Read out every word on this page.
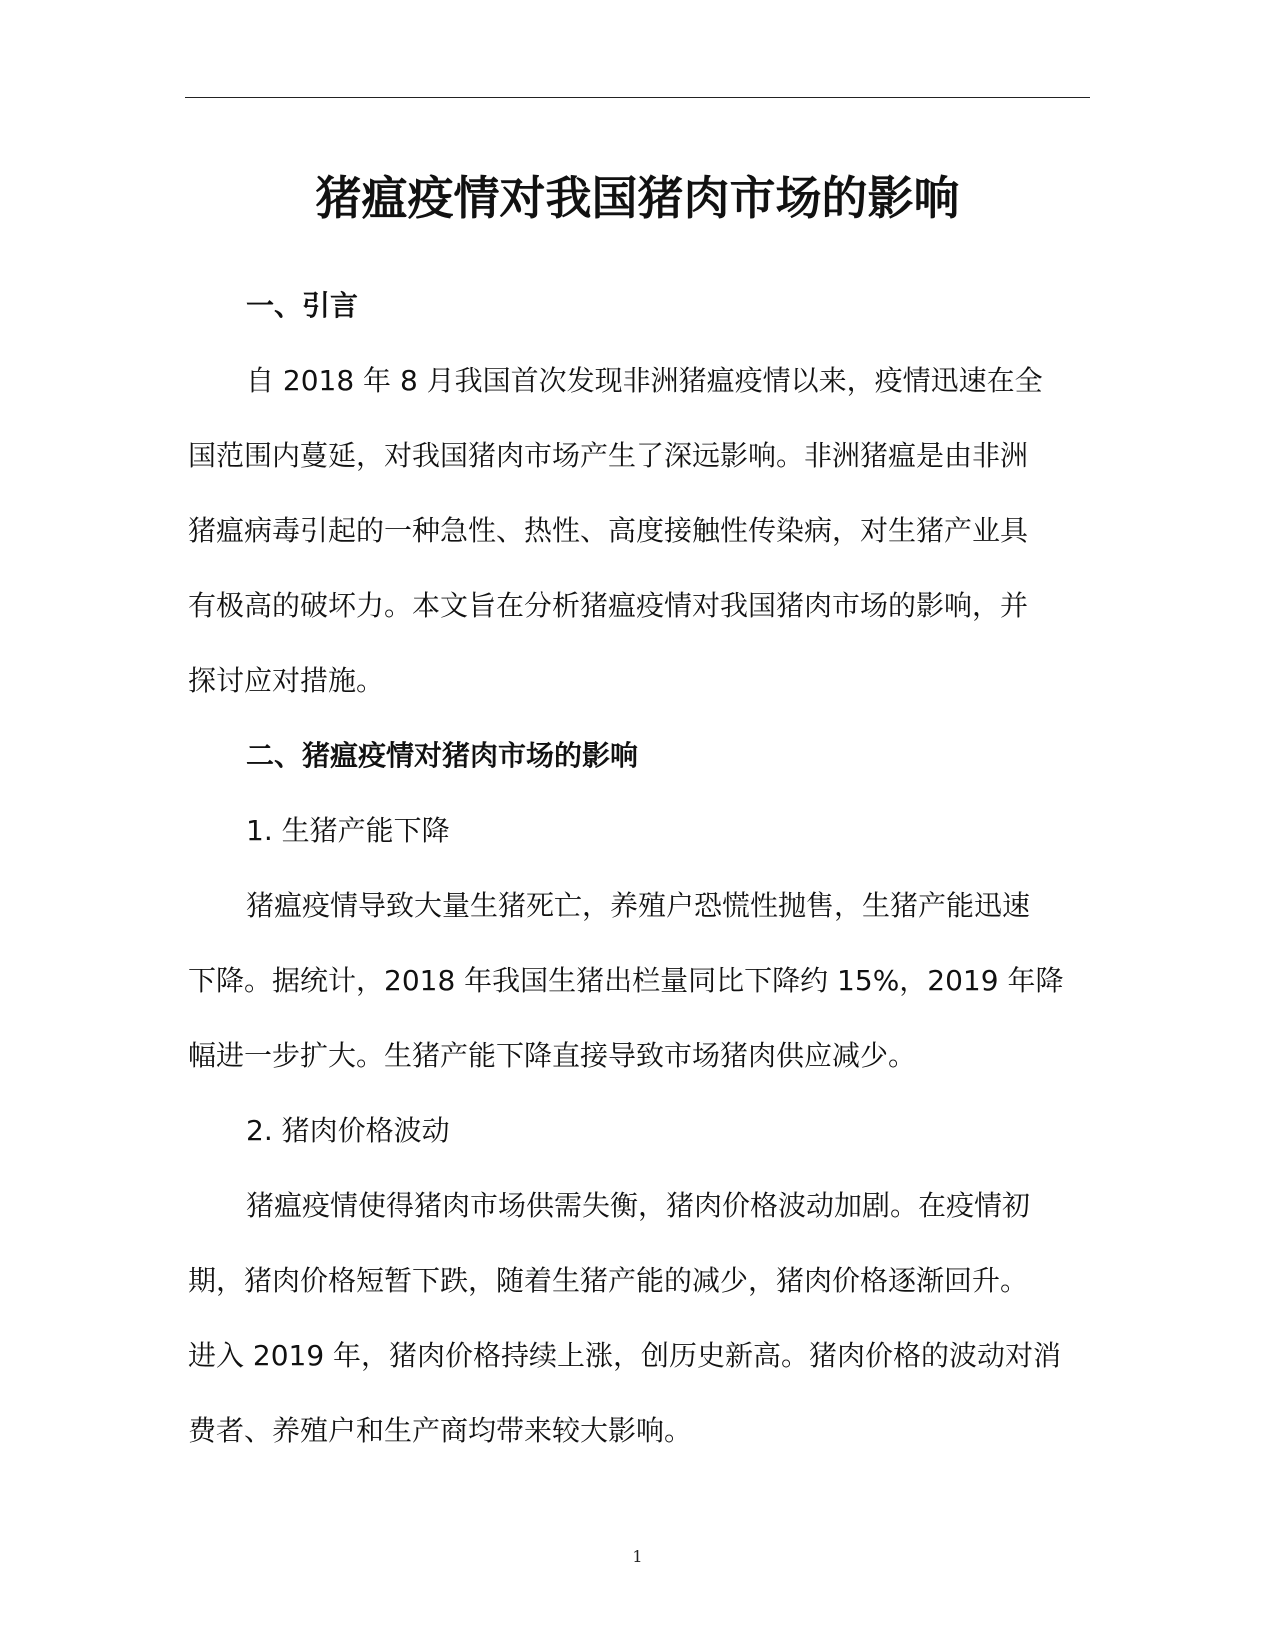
猪瘟疫情对我国猪肉市场的影响
一、引言
自 2018 年 8 月我国首次发现非洲猪瘟疫情以来，疫情迅速在全
国范围内蔓延，对我国猪肉市场产生了深远影响。非洲猪瘟是由非洲
猪瘟病毒引起的一种急性、热性、高度接触性传染病，对生猪产业具
有极高的破坏力。本文旨在分析猪瘟疫情对我国猪肉市场的影响，并
探讨应对措施。
二、猪瘟疫情对猪肉市场的影响
1. 生猪产能下降
猪瘟疫情导致大量生猪死亡，养殖户恐慌性抛售，生猪产能迅速
下降。据统计，2018 年我国生猪出栏量同比下降约 15%，2019 年降
幅进一步扩大。生猪产能下降直接导致市场猪肉供应减少。
2. 猪肉价格波动
猪瘟疫情使得猪肉市场供需失衡，猪肉价格波动加剧。在疫情初
期，猪肉价格短暂下跌，随着生猪产能的减少，猪肉价格逐渐回升。
进入 2019 年，猪肉价格持续上涨，创历史新高。猪肉价格的波动对消
费者、养殖户和生产商均带来较大影响。
1
